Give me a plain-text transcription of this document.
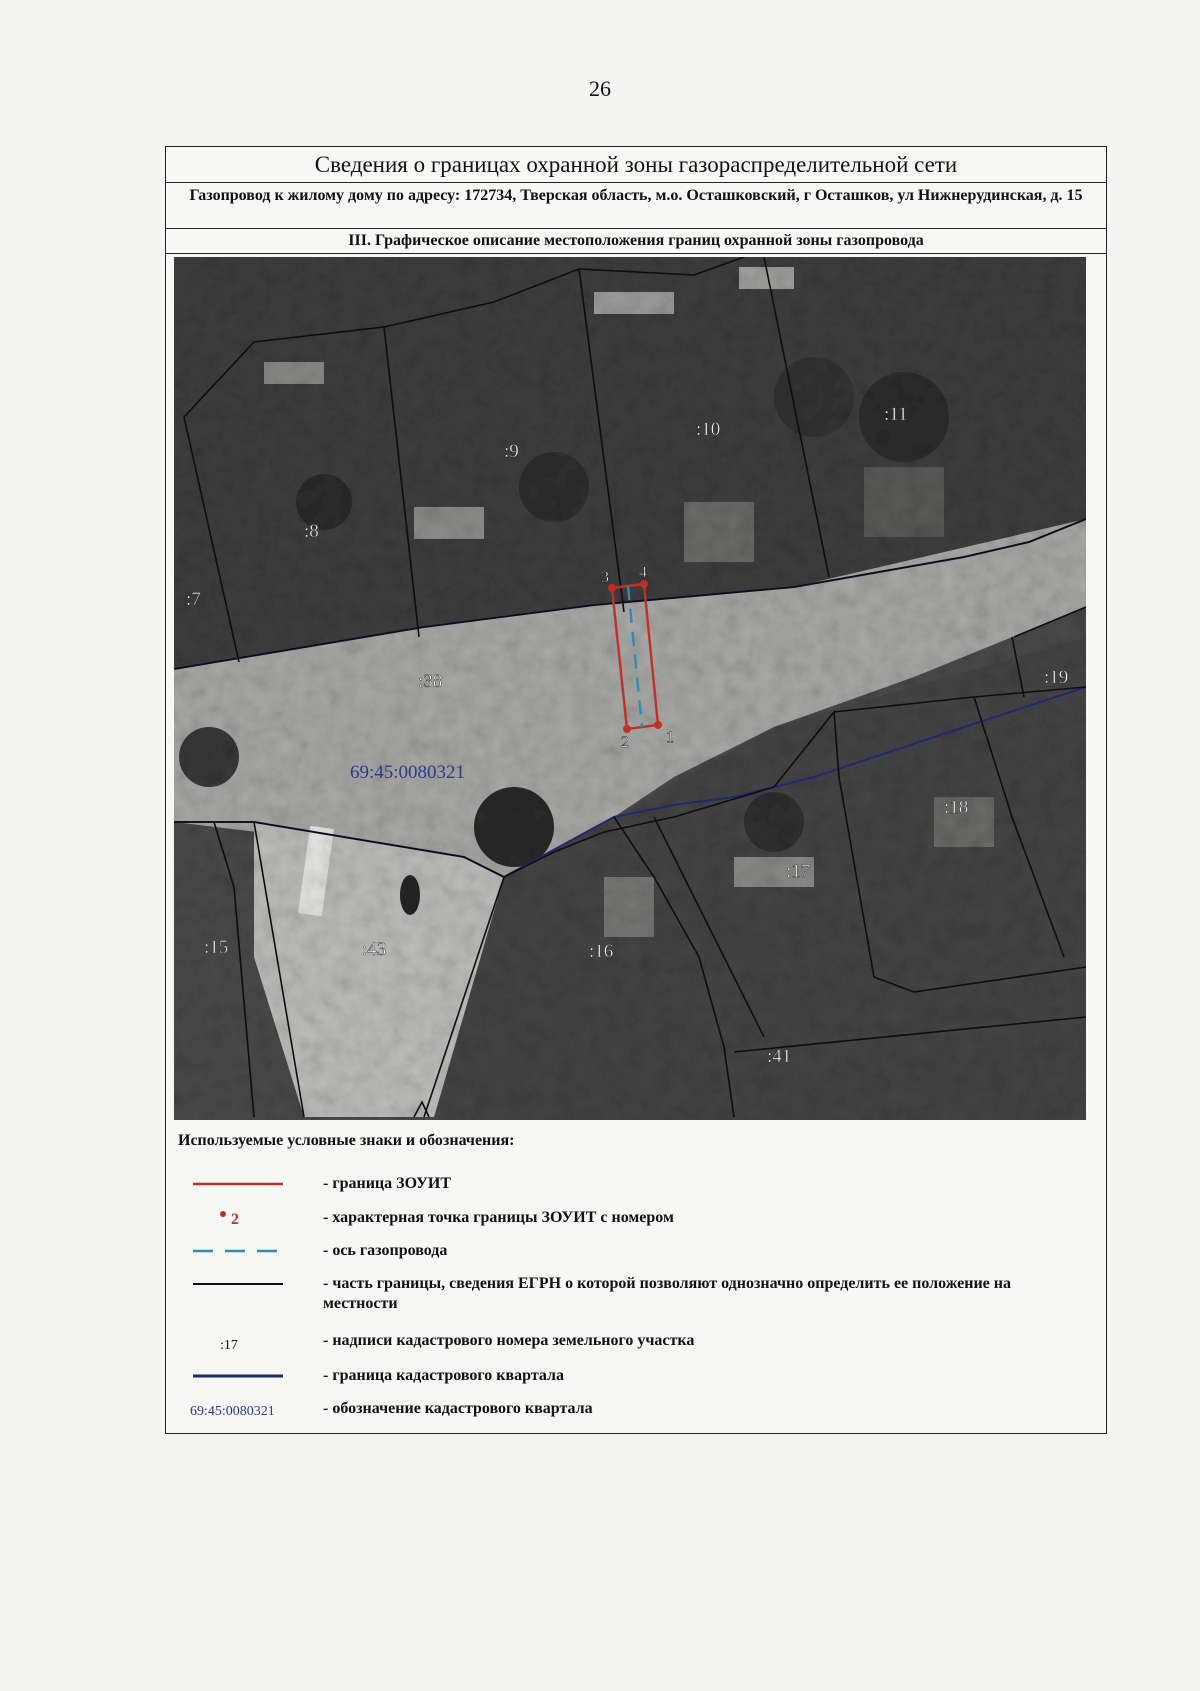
26
Сведения о границах охранной зоны газораспределительной сети
Газопровод к жилому дому по адресу: 172734, Тверская область, м.о. Осташковский, г Осташков, ул Нижнерудинская, д. 15
III. Графическое описание местоположения границ охранной зоны газопровода
1
2
3 4
:7
:8
:9
:10
:11
:38	:19
:18
:17
:16
:15	:43
:41
69:45:0080321
Используемые условные знаки и обозначения:
- граница ЗОУИТ
2	- характерная точка границы ЗОУИТ с номером
- ось газопровода
- часть границы, сведения ЕГРН о которой позволяют однозначно определить ее положение на местности
:17	- надписи кадастрового номера земельного участка
- граница кадастрового квартала
69:45:0080321	- обозначение кадастрового квартала
